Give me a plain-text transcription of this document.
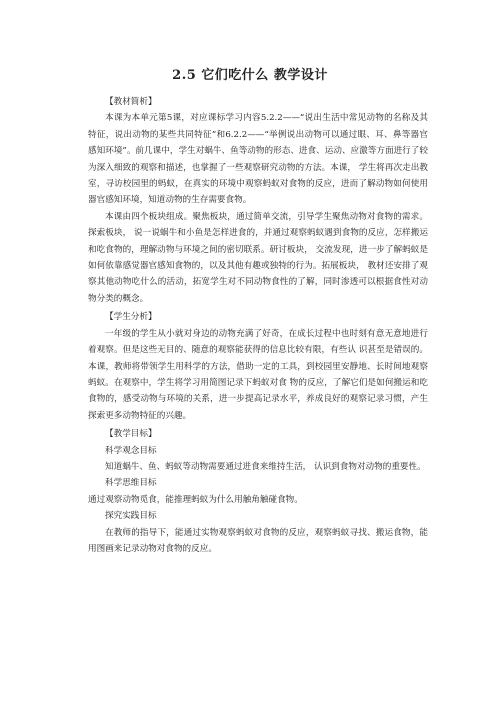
2.5 它们吃什么 教学设计

【教材简析】

本课为本单元第5课，对应课标学习内容5.2.2——“说出生活中常见动物的名称及其特征，说出动物的某些共同特征”和6.2.2——“举例说出动物可以通过眼、耳、鼻等器官感知环境”。前几课中，学生对蜗牛、鱼等动物的形态、进食、运动、应激等方面进行了较为深入细致的观察和描述，也掌握了一些观察研究动物的方法。本课， 学生将再次走出教室，寻访校园里的蚂蚁，在真实的环境中观察蚂蚁对食物的反应，进而了解动物如何使用器官感知环境，知道动物的生存需要食物。

本课由四个板块组成。聚焦板块，通过简单交流，引导学生聚焦动物对食物的需求。探索板块， 说一说蜗牛和小鱼是怎样进食的，并通过观察蚂蚁遇到食物的反应，怎样搬运和吃食物的，理解动物与环境之间的密切联系。研讨板块， 交流发现，进一步了解蚂蚁是如何依靠感觉器官感知食物的，以及其他有趣或独特的行为。拓展板块， 教材还安排了观察其他动物吃什么的活动，拓宽学生对不同动物食性的了解，同时渗透可以根据食性对动物分类的概念。

【学生分析】

一年级的学生从小就对身边的动物充满了好奇，在成长过程中也时刻有意无意地进行着观察。但是这些无目的、随意的观察能获得的信息比较有限，有些认 识甚至是错误的。本课，教师将带领学生用科学的方法，借助一定的工具，到校园里安静地、长时间地观察蚂蚁。在观察中，学生将学习用简图记录下蚂蚁对食 物的反应，了解它们是如何搬运和吃食物的，感受动物与环境的关系，进一步提高记录水平，养成良好的观察记录习惯，产生探索更多动物特征的兴趣。

【教学目标】

科学观念目标

知道蜗牛、鱼、蚂蚁等动物需要通过进食来维持生活， 认识到食物对动物的重要性。

科学思维目标

通过观察动物觅食，能推理蚂蚁为什么用触角触碰食物。

探究实践目标

在教师的指导下，能通过实物观察蚂蚁对食物的反应，观察蚂蚁寻找、搬运食物，能用图画来记录动物对食物的反应。
